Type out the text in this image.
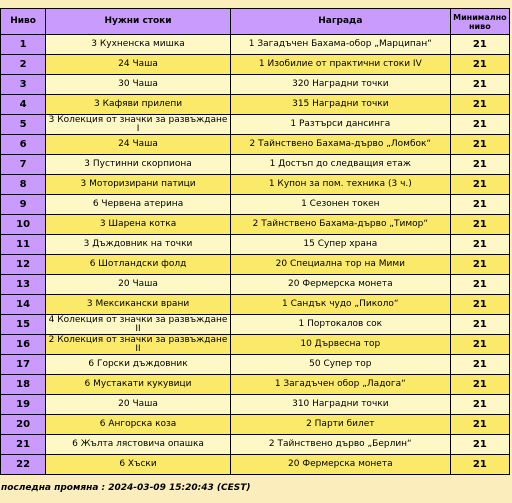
Ниво	Нужни стоки	Награда	Минимално ниво
1	3 Кухненска мишка	1 Загадъчен Бахама-обор „Марципан“	21
2	24 Чаша	1 Изобилие от практични стоки IV	21
3	30 Чаша	320 Наградни точки	21
4	3 Кафяви прилепи	315 Наградни точки	21
5	3 Колекция от значки за развъждане I	1 Разтърси дансинга	21
6	24 Чаша	2 Тайнствено Бахама-дърво „Ломбок“	21
7	3 Пустинни скорпиона	1 Достъп до следващия етаж	21
8	3 Моторизирани патици	1 Купон за пом. техника (3 ч.)	21
9	6 Червена атерина	1 Сезонен токен	21
10	3 Шарена котка	2 Тайнствено Бахама-дърво „Тимор“	21
11	3 Дъждовник на точки	15 Супер храна	21
12	6 Шотландски фолд	20 Специална тор на Мими	21
13	20 Чаша	20 Фермерска монета	21
14	3 Мексикански врани	1 Сандък чудо „Пиколо“	21
15	4 Колекция от значки за развъждане II	1 Портокалов сок	21
16	2 Колекция от значки за развъждане II	10 Дървесна тор	21
17	6 Горски дъждовник	50 Супер тор	21
18	6 Мустакати кукувици	1 Загадъчен обор „Ладога“	21
19	20 Чаша	310 Наградни точки	21
20	6 Ангорска коза	2 Парти билет	21
21	6 Жълта лястовича опашка	2 Тайнствено дърво „Берлин“	21
22	6 Хъски	20 Фермерска монета	21
последна промяна : 2024-03-09 15:20:43 (CEST)
